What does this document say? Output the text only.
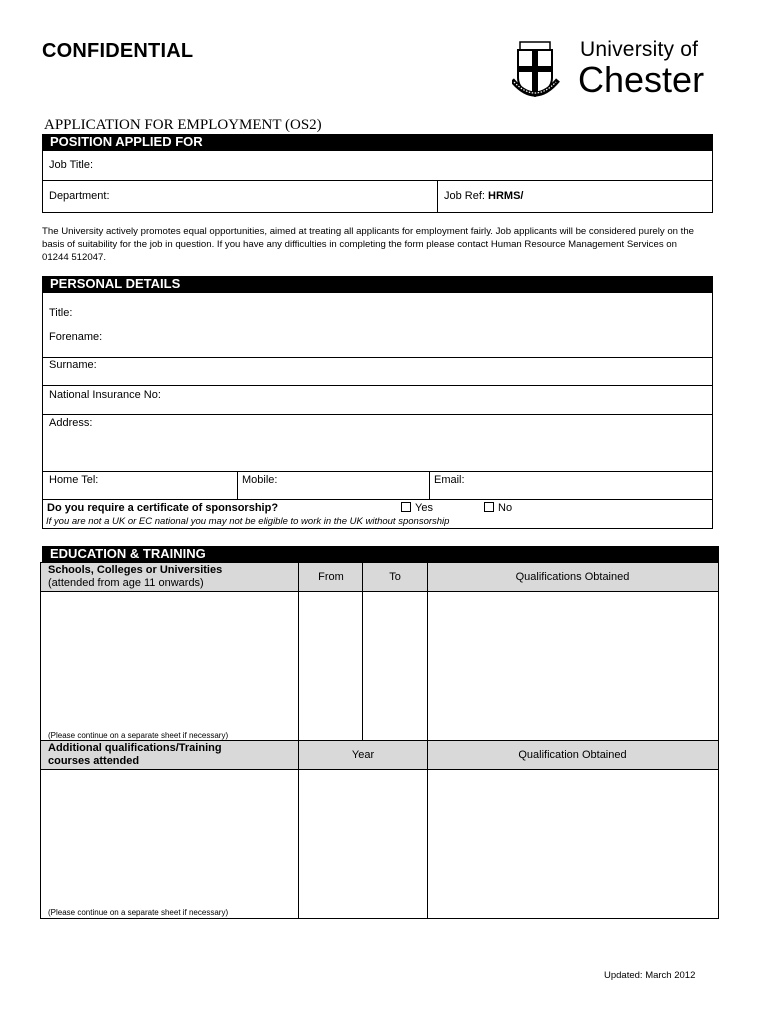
CONFIDENTIAL	University of
Chester
APPLICATION FOR EMPLOYMENT (OS2)
POSITION APPLIED FOR
Job Title:
Department:	Job Ref: HRMS/
The University actively promotes equal opportunities, aimed at treating all applicants for employment fairly. Job applicants will be considered purely on the basis of suitability for the job in question. If you have any difficulties in completing the form please contact Human Resource Management Services on 01244 512047.
PERSONAL DETAILS
Title:
Forename:
Surname:
National Insurance No:
Address:
Home Tel:	Mobile:	Email:
Do you require a certificate of sponsorship?	Yes	No
If you are not a UK or EC national you may not be eligible to work in the UK without sponsorship
EDUCATION & TRAINING
Schools, Colleges or Universities
(attended from age 11 onwards)	From	To	Qualifications Obtained
(Please continue on a separate sheet if necessary)
Additional qualifications/Training
courses attended	Year	Qualification Obtained
(Please continue on a separate sheet if necessary)
Updated: March 2012
